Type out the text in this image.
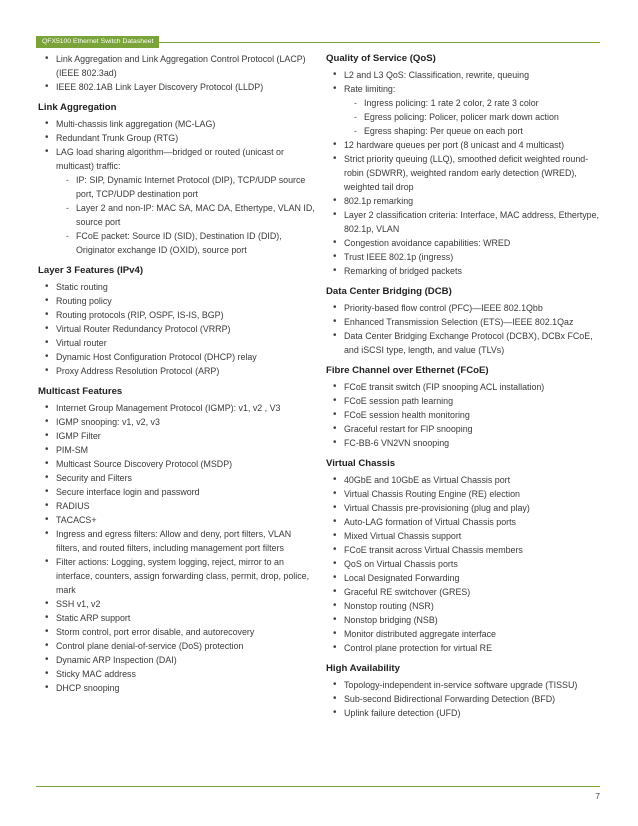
QFX5100 Ethernet Switch Datasheet
• Link Aggregation and Link Aggregation Control Protocol (LACP) (IEEE 802.3ad)
• IEEE 802.1AB Link Layer Discovery Protocol (LLDP)
Link Aggregation
• Multi-chassis link aggregation (MC-LAG)
• Redundant Trunk Group (RTG)
• LAG load sharing algorithm—bridged or routed (unicast or multicast) traffic:
- IP: SIP, Dynamic Internet Protocol (DIP), TCP/UDP source port, TCP/UDP destination port
- Layer 2 and non-IP: MAC SA, MAC DA, Ethertype, VLAN ID, source port
- FCoE packet: Source ID (SID), Destination ID (DID), Originator exchange ID (OXID), source port
Layer 3 Features (IPv4)
• Static routing
• Routing policy
• Routing protocols (RIP, OSPF, IS-IS, BGP)
• Virtual Router Redundancy Protocol (VRRP)
• Virtual router
• Dynamic Host Configuration Protocol (DHCP) relay
• Proxy Address Resolution Protocol (ARP)
Multicast Features
• Internet Group Management Protocol (IGMP): v1, v2 , V3
• IGMP snooping: v1, v2, v3
• IGMP Filter
• PIM-SM
• Multicast Source Discovery Protocol (MSDP)
• Security and Filters
• Secure interface login and password
• RADIUS
• TACACS+
• Ingress and egress filters: Allow and deny, port filters, VLAN filters, and routed filters, including management port filters
• Filter actions: Logging, system logging, reject, mirror to an interface, counters, assign forwarding class, permit, drop, police, mark
• SSH v1, v2
• Static ARP support
• Storm control, port error disable, and autorecovery
• Control plane denial-of-service (DoS) protection
• Dynamic ARP Inspection (DAI)
• Sticky MAC address
• DHCP snooping
Quality of Service (QoS)
• L2 and L3 QoS: Classification, rewrite, queuing
• Rate limiting:
- Ingress policing: 1 rate 2 color, 2 rate 3 color
- Egress policing: Policer, policer mark down action
- Egress shaping: Per queue on each port
• 12 hardware queues per port (8 unicast and 4 multicast)
• Strict priority queuing (LLQ), smoothed deficit weighted round-robin (SDWRR), weighted random early detection (WRED), weighted tail drop
• 802.1p remarking
• Layer 2 classification criteria: Interface, MAC address, Ethertype, 802.1p, VLAN
• Congestion avoidance capabilities: WRED
• Trust IEEE 802.1p (ingress)
• Remarking of bridged packets
Data Center Bridging (DCB)
• Priority-based flow control (PFC)—IEEE 802.1Qbb
• Enhanced Transmission Selection (ETS)—IEEE 802.1Qaz
• Data Center Bridging Exchange Protocol (DCBX), DCBx FCoE, and iSCSI type, length, and value (TLVs)
Fibre Channel over Ethernet (FCoE)
• FCoE transit switch (FIP snooping ACL installation)
• FCoE session path learning
• FCoE session health monitoring
• Graceful restart for FIP snooping
• FC-BB-6 VN2VN snooping
Virtual Chassis
• 40GbE and 10GbE as Virtual Chassis port
• Virtual Chassis Routing Engine (RE) election
• Virtual Chassis pre-provisioning (plug and play)
• Auto-LAG formation of Virtual Chassis ports
• Mixed Virtual Chassis support
• FCoE transit across Virtual Chassis members
• QoS on Virtual Chassis ports
• Local Designated Forwarding
• Graceful RE switchover (GRES)
• Nonstop routing (NSR)
• Nonstop bridging (NSB)
• Monitor distributed aggregate interface
• Control plane protection for virtual RE
High Availability
• Topology-independent in-service software upgrade (TISSU)
• Sub-second Bidirectional Forwarding Detection (BFD)
• Uplink failure detection (UFD)
7
